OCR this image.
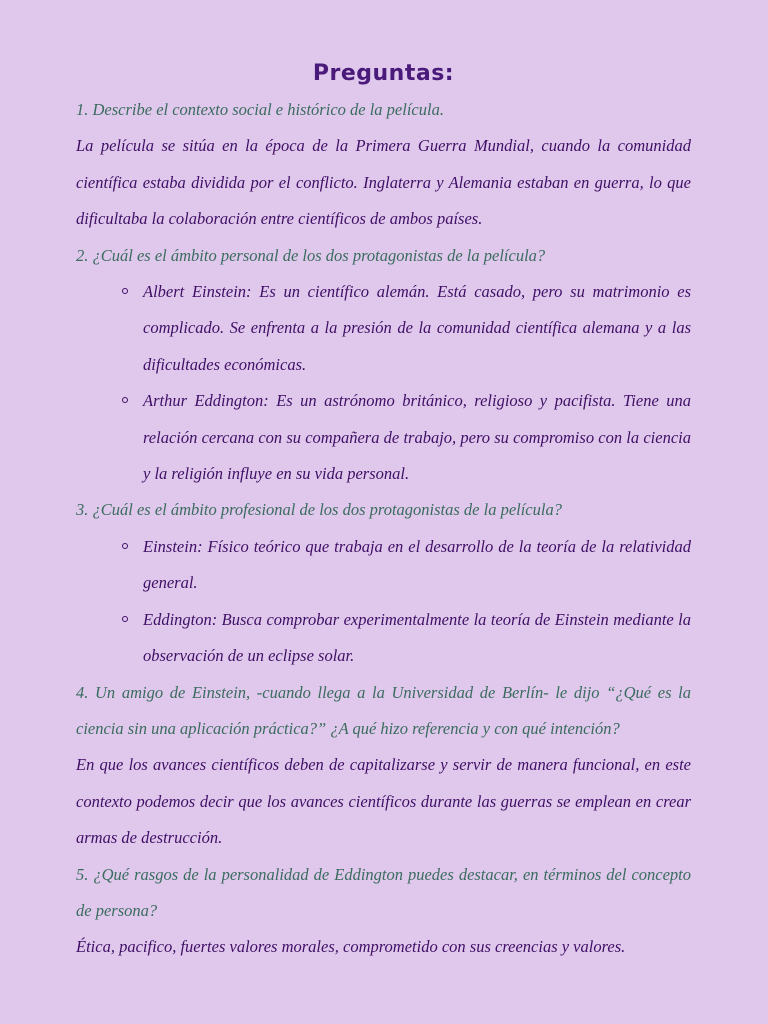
Preguntas:

1. Describe el contexto social e histórico de la película.

La película se sitúa en la época de la Primera Guerra Mundial, cuando la comunidad científica estaba dividida por el conflicto. Inglaterra y Alemania estaban en guerra, lo que dificultaba la colaboración entre científicos de ambos países.

2. ¿Cuál es el ámbito personal de los dos protagonistas de la película?

Albert Einstein: Es un científico alemán. Está casado, pero su matrimonio es complicado. Se enfrenta a la presión de la comunidad científica alemana y a las dificultades económicas.
Arthur Eddington: Es un astrónomo británico, religioso y pacifista. Tiene una relación cercana con su compañera de trabajo, pero su compromiso con la ciencia y la religión influye en su vida personal.

3. ¿Cuál es el ámbito profesional de los dos protagonistas de la película?

Einstein: Físico teórico que trabaja en el desarrollo de la teoría de la relatividad general.
Eddington: Busca comprobar experimentalmente la teoría de Einstein mediante la observación de un eclipse solar.

4. Un amigo de Einstein, -cuando llega a la Universidad de Berlín- le dijo “¿Qué es la ciencia sin una aplicación práctica?” ¿A qué hizo referencia y con qué intención?

En que los avances científicos deben de capitalizarse y servir de manera funcional, en este contexto podemos decir que los avances científicos durante las guerras se emplean en crear armas de destrucción.

5. ¿Qué rasgos de la personalidad de Eddington puedes destacar, en términos del concepto de persona?

Ética, pacifico, fuertes valores morales, comprometido con sus creencias y valores.
